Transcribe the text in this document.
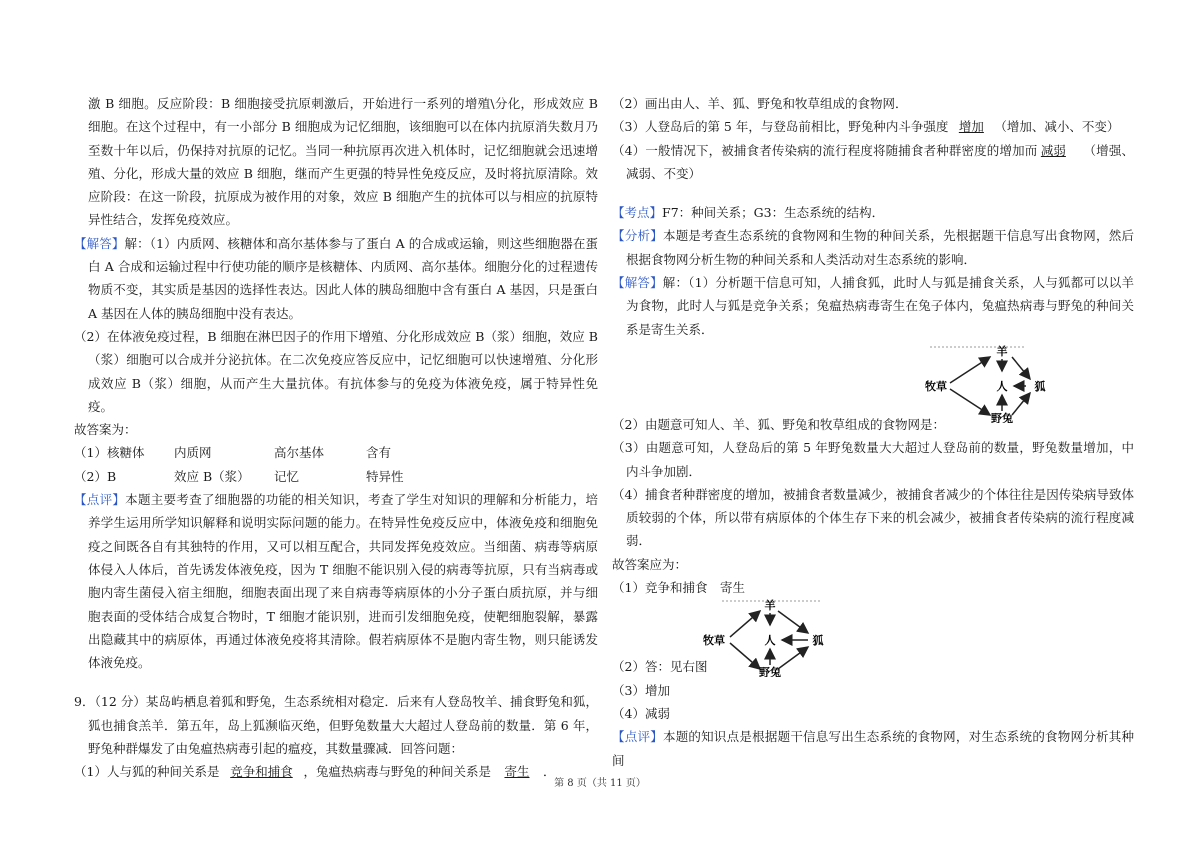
激 B 细胞。反应阶段：B 细胞接受抗原刺激后，开始进行一系列的增殖\分化，形成效应 B 细胞。在这个过程中，有一小部分 B 细胞成为记忆细胞，该细胞可以在体内抗原消失数月乃至数十年以后，仍保持对抗原的记忆。当同一种抗原再次进入机体时，记忆细胞就会迅速增殖、分化，形成大量的效应 B 细胞，继而产生更强的特异性免疫反应，及时将抗原清除。效应阶段：在这一阶段，抗原成为被作用的对象，效应 B 细胞产生的抗体可以与相应的抗原特异性结合，发挥免疫效应。

【解答】解：（1）内质网、核糖体和高尔基体参与了蛋白 A 的合成或运输，则这些细胞器在蛋白 A 合成和运输过程中行使功能的顺序是核糖体、内质网、高尔基体。细胞分化的过程遗传物质不变，其实质是基因的选择性表达。因此人体的胰岛细胞中含有蛋白 A 基因，只是蛋白 A 基因在人体的胰岛细胞中没有表达。

（2）在体液免疫过程，B 细胞在淋巴因子的作用下增殖、分化形成效应 B（浆）细胞，效应 B（浆）细胞可以合成并分泌抗体。在二次免疫应答反应中，记忆细胞可以快速增殖、分化形成效应 B（浆）细胞，从而产生大量抗体。有抗体参与的免疫为体液免疫，属于特异性免疫。

故答案为：

（1）核糖体	内质网	高尔基体	含有
（2）B	效应 B（浆）	记忆	特异性

【点评】本题主要考查了细胞器的功能的相关知识，考查了学生对知识的理解和分析能力，培养学生运用所学知识解释和说明实际问题的能力。在特异性免疫反应中，体液免疫和细胞免疫之间既各自有其独特的作用，又可以相互配合，共同发挥免疫效应。当细菌、病毒等病原体侵入人体后，首先诱发体液免疫，因为 T 细胞不能识别入侵的病毒等抗原，只有当病毒或胞内寄生菌侵入宿主细胞，细胞表面出现了来自病毒等病原体的小分子蛋白质抗原，并与细胞表面的受体结合成复合物时，T 细胞才能识别，进而引发细胞免疫，使靶细胞裂解，暴露出隐藏其中的病原体，再通过体液免疫将其清除。假若病原体不是胞内寄生物，则只能诱发体液免疫。

9．（12 分）某岛屿栖息着狐和野兔，生态系统相对稳定．后来有人登岛牧羊、捕食野兔和狐，狐也捕食羔羊．第五年，岛上狐濒临灭绝，但野兔数量大大超过人登岛前的数量．第 6 年，野兔种群爆发了由兔瘟热病毒引起的瘟疫，其数量骤减．回答问题：

（1）人与狐的种间关系是 竞争和捕食 ，兔瘟热病毒与野兔的种间关系是 寄生 ．

（2）画出由人、羊、狐、野兔和牧草组成的食物网．

（3）人登岛后的第 5 年，与登岛前相比，野兔种内斗争强度 增加 （增加、减小、不变）

（4）一般情况下，被捕食者传染病的流行程度将随捕食者种群密度的增加而 减弱 （增强、减弱、不变）

【考点】F7：种间关系；G3：生态系统的结构．

【分析】本题是考查生态系统的食物网和生物的种间关系，先根据题干信息写出食物网，然后根据食物网分析生物的种间关系和人类活动对生态系统的影响．

【解答】解：（1）分析题干信息可知，人捕食狐，此时人与狐是捕食关系，人与狐都可以以羊为食物，此时人与狐是竞争关系；兔瘟热病毒寄生在兔子体内，兔瘟热病毒与野兔的种间关系是寄生关系．

羊
人
牧草	狐
野兔

（2）由题意可知人、羊、狐、野兔和牧草组成的食物网是：

（3）由题意可知，人登岛后的第 5 年野兔数量大大超过人登岛前的数量，野兔数量增加，中内斗争加剧．

（4）捕食者种群密度的增加，被捕食者数量减少，被捕食者减少的个体往往是因传染病导致体质较弱的个体，所以带有病原体的个体生存下来的机会减少，被捕食者传染病的流行程度减弱．

故答案应为：

（1）竞争和捕食　寄生

羊
人
牧草	狐
野兔

（2）答：见右图

（3）增加

（4）减弱

【点评】本题的知识点是根据题干信息写出生态系统的食物网，对生态系统的食物网分析其种间

第 8 页（共 11 页）
